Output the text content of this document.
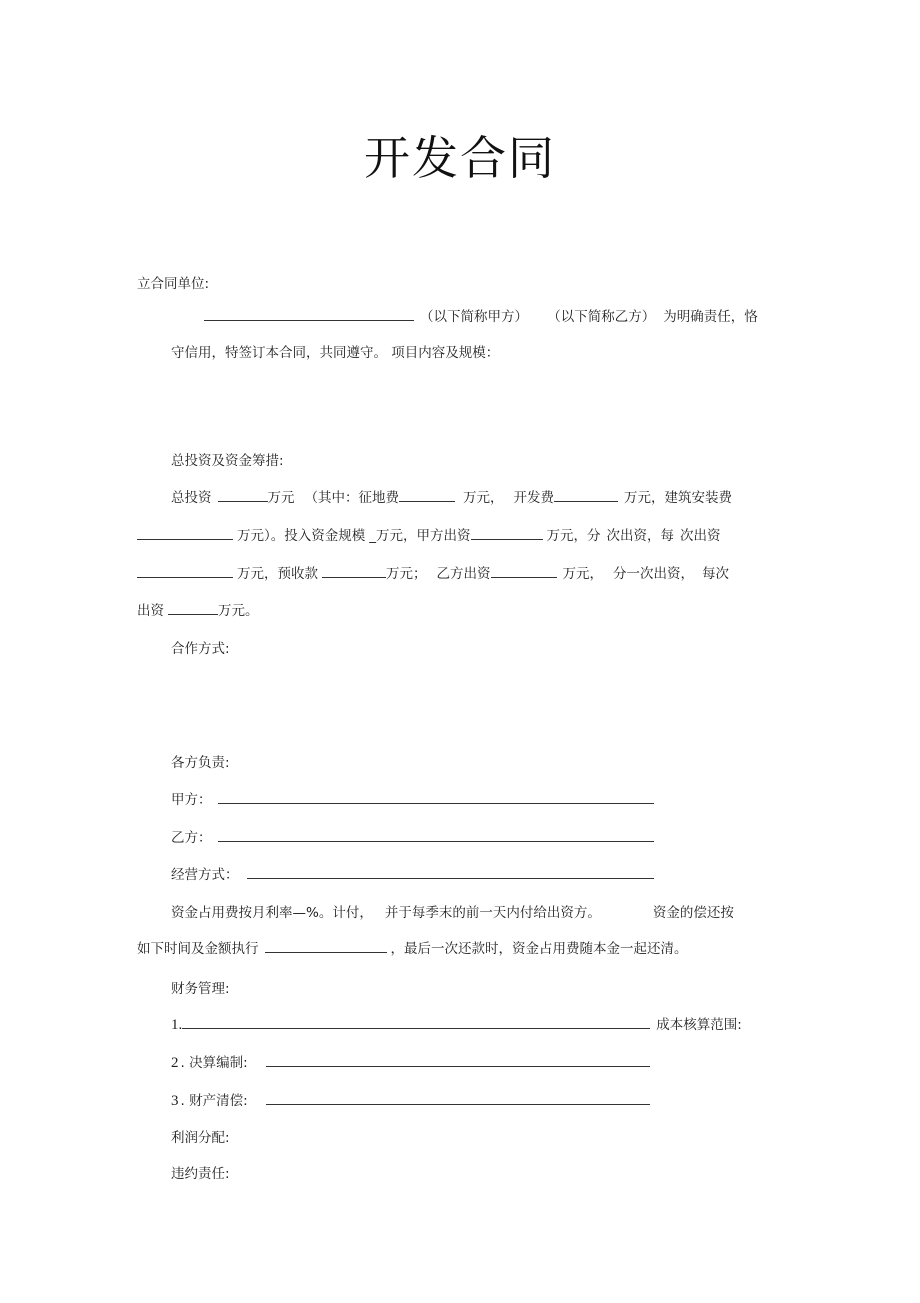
开发合同
立合同单位:
（以下简称甲方） （以下简称乙方） 为明确责任，恪
守信用，特签订本合同，共同遵守。 项目内容及规模：
总投资及资金筹措:
总投资	万元 （其中：征地费	万元， 开发费	万元，建筑安装费
万元）。投入资金规模 _万元，甲方出资	万元，分 次出资，每 次出资
万元，预收款	万元； 乙方出资	万元， 分一次出资， 每次
出资	万元。
合作方式:
各方负责:
甲方：
乙方：
经营方式：
资金占用费按月利率—%。计付， 并于每季末的前一天内付给出资方。	资金的偿还按
如下时间及金额执行	，最后一次还款时，资金占用费随本金一起还清。
财务管理:
1.	成本核算范围:
2 . 决算编制:
3 . 财产清偿:
利润分配:
违约责任:
